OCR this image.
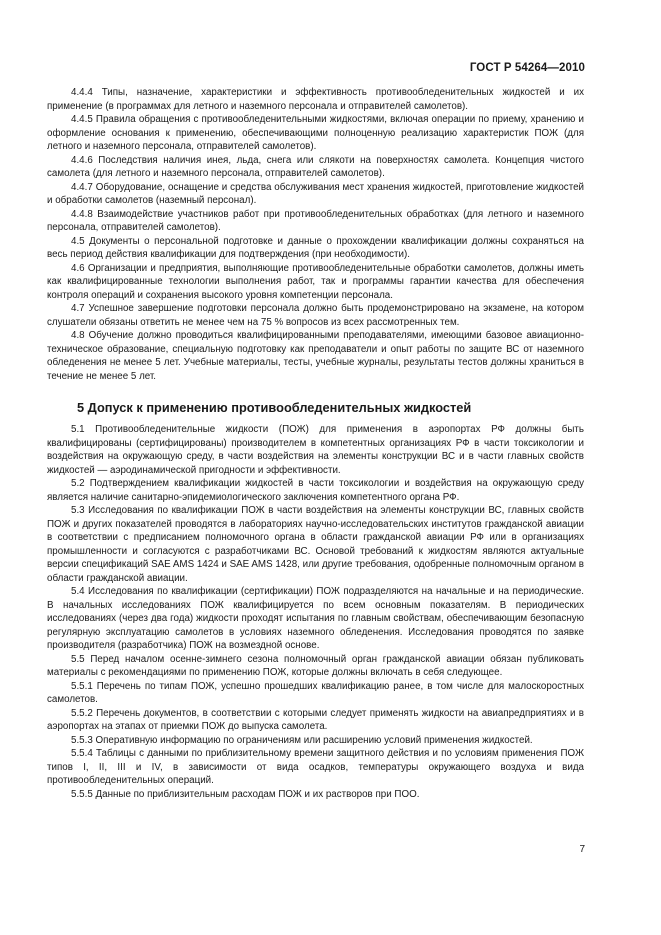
ГОСТ Р 54264—2010

4.4.4 Типы, назначение, характеристики и эффективность противообледенительных жидкостей и их применение (в программах для летного и наземного персонала и отправителей самолетов).

4.4.5 Правила обращения с противообледенительными жидкостями, включая операции по приему, хранению и оформление основания к применению, обеспечивающими полноценную реализацию характеристик ПОЖ (для летного и наземного персонала, отправителей самолетов).

4.4.6 Последствия наличия инея, льда, снега или слякоти на поверхностях самолета. Концепция чистого самолета (для летного и наземного персонала, отправителей самолетов).

4.4.7 Оборудование, оснащение и средства обслуживания мест хранения жидкостей, приготовление жидкостей и обработки самолетов (наземный персонал).

4.4.8 Взаимодействие участников работ при противообледенительных обработках (для летного и наземного персонала, отправителей самолетов).

4.5 Документы о персональной подготовке и данные о прохождении квалификации должны сохраняться на весь период действия квалификации для подтверждения (при необходимости).

4.6 Организации и предприятия, выполняющие противообледенительные обработки самолетов, должны иметь как квалифицированные технологии выполнения работ, так и программы гарантии качества для обеспечения контроля операций и сохранения высокого уровня компетенции персонала.

4.7 Успешное завершение подготовки персонала должно быть продемонстрировано на экзамене, на котором слушатели обязаны ответить не менее чем на 75 % вопросов из всех рассмотренных тем.

4.8 Обучение должно проводиться квалифицированными преподавателями, имеющими базовое авиационно-техническое образование, специальную подготовку как преподаватели и опыт работы по защите ВС от наземного обледенения не менее 5 лет. Учебные материалы, тесты, учебные журналы, результаты тестов должны храниться в течение не менее 5 лет.

5 Допуск к применению противообледенительных жидкостей

5.1 Противообледенительные жидкости (ПОЖ) для применения в аэропортах РФ должны быть квалифицированы (сертифицированы) производителем в компетентных организациях РФ в части токсикологии и воздействия на окружающую среду, в части воздействия на элементы конструкции ВС и в части главных свойств жидкостей — аэродинамической пригодности и эффективности.

5.2 Подтверждением квалификации жидкостей в части токсикологии и воздействия на окружающую среду является наличие санитарно-эпидемиологического заключения компетентного органа РФ.

5.3 Исследования по квалификации ПОЖ в части воздействия на элементы конструкции ВС, главных свойств ПОЖ и других показателей проводятся в лабораториях научно-исследовательских институтов гражданской авиации в соответствии с предписанием полномочного органа в области гражданской авиации РФ или в организациях промышленности и согласуются с разработчиками ВС. Основой требований к жидкостям являются актуальные версии спецификаций SAE AMS 1424 и SAE AMS 1428, или другие требования, одобренные полномочным органом в области гражданской авиации.

5.4 Исследования по квалификации (сертификации) ПОЖ подразделяются на начальные и на периодические. В начальных исследованиях ПОЖ квалифицируется по всем основным показателям. В периодических исследованиях (через два года) жидкости проходят испытания по главным свойствам, обеспечивающим безопасную регулярную эксплуатацию самолетов в условиях наземного обледенения. Исследования проводятся по заявке производителя (разработчика) ПОЖ на возмездной основе.

5.5 Перед началом осенне-зимнего сезона полномочный орган гражданской авиации обязан публиковать материалы с рекомендациями по применению ПОЖ, которые должны включать в себя следующее.

5.5.1 Перечень по типам ПОЖ, успешно прошедших квалификацию ранее, в том числе для малоскоростных самолетов.

5.5.2 Перечень документов, в соответствии с которыми следует применять жидкости на авиапредприятиях и в аэропортах на этапах от приемки ПОЖ до выпуска самолета.

5.5.3 Оперативную информацию по ограничениям или расширению условий применения жидкостей.

5.5.4 Таблицы с данными по приблизительному времени защитного действия и по условиям применения ПОЖ типов I, II, III и IV, в зависимости от вида осадков, температуры окружающего воздуха и вида противообледенительных операций.

5.5.5 Данные по приблизительным расходам ПОЖ и их растворов при ПОО.

7
